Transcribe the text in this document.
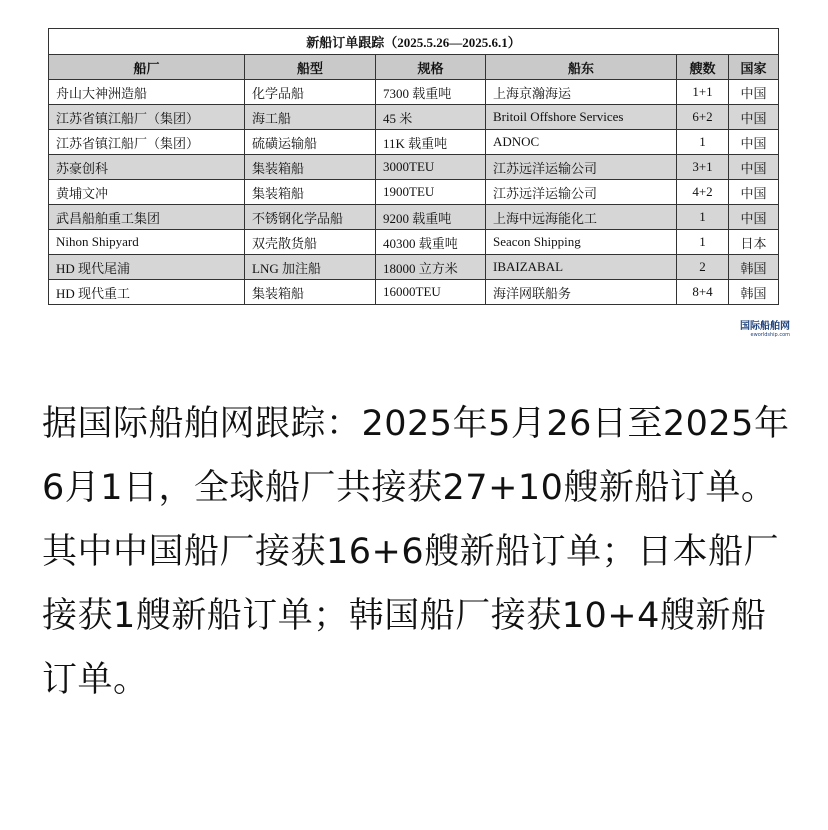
新船订单跟踪（2025.5.26—2025.6.1）					
船厂	船型	规格	船东	艘数	国家
舟山大神洲造船	化学品船	7300 载重吨	上海京瀚海运	1+1	中国
江苏省镇江船厂（集团）	海工船	45 米	Britoil Offshore Services	6+2	中国
江苏省镇江船厂（集团）	硫磺运输船	11K 载重吨	ADNOC	1	中国
苏豪创科	集装箱船	3000TEU	江苏远洋运输公司	3+1	中国
黄埔文冲	集装箱船	1900TEU	江苏远洋运输公司	4+2	中国
武昌船舶重工集团	不锈钢化学品船	9200 载重吨	上海中远海能化工	1	中国
Nihon Shipyard	双壳散货船	40300 载重吨	Seacon Shipping	1	日本
HD 现代尾浦	LNG 加注船	18000 立方米	IBAIZABAL	2	韩国
HD 现代重工	集装箱船	16000TEU	海洋网联船务	8+4	韩国
国际船舶网
eworldship.com

据国际船舶网跟踪：2025年5月26日至2025年6月1日，全球船厂共接获27+10艘新船订单。其中中国船厂接获16+6艘新船订单；日本船厂接获1艘新船订单；韩国船厂接获10+4艘新船订单。
